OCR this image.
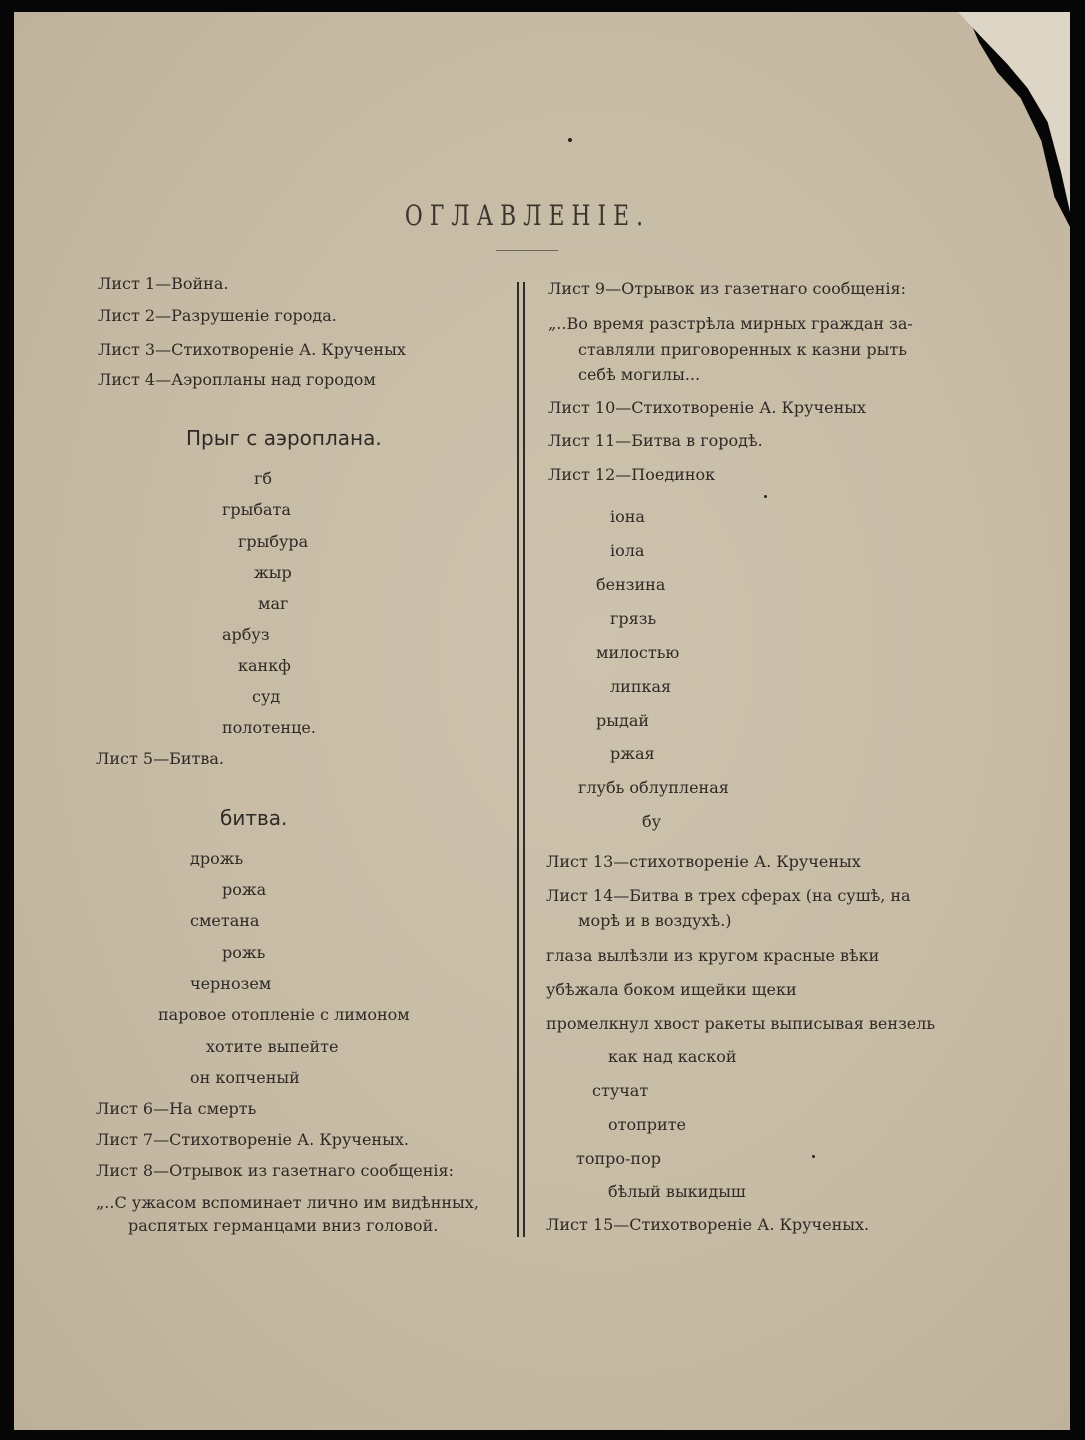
ОГЛАВЛЕНIЕ.
Лист 1—Война.
Лист 2—Разрушенiе города.
Лист 3—Стихотворенiе А. Крученых
Лист 4—Аэропланы над городом
Прыг с аэроплана.
гб
грыбата
грыбура
жыр
маг
арбуз
канкф
суд
полотенце.
Лист 5—Битва.
битва.
дрожь
рожа
сметана
рожь
чернозем
паровое отопленiе с лимоном
хотите выпейте
он копченый
Лист 6—На смерть
Лист 7—Стихотворенiе А. Крученых.
Лист 8—Отрывок из газетнаго сообщенiя:
„..С ужасом вспоминает лично им видѣнных,
распятых германцами вниз головой.
Лист 9—Отрывок из газетнаго сообщенiя:
„..Во время разстрѣла мирных граждан за-
ставляли приговоренных к казни рыть
себѣ могилы...
Лист 10—Стихотворенiе А. Крученых
Лист 11—Битва в городѣ.
Лист 12—Поединок
iона
iола
бензина
грязь
милостью
липкая
рыдай
ржая
глубь облупленая
бу
Лист 13—стихотворенiе А. Крученых
Лист 14—Битва в трех сферах (на сушѣ, на
морѣ и в воздухѣ.)
глаза вылѣзли из кругом красные вѣки
убѣжала боком ищейки щеки
промелкнул хвост ракеты выписывая вензель
как над каской
стучат
отоприте
топро-пор
бѣлый выкидыш
Лист 15—Стихотворенiе А. Крученых.
